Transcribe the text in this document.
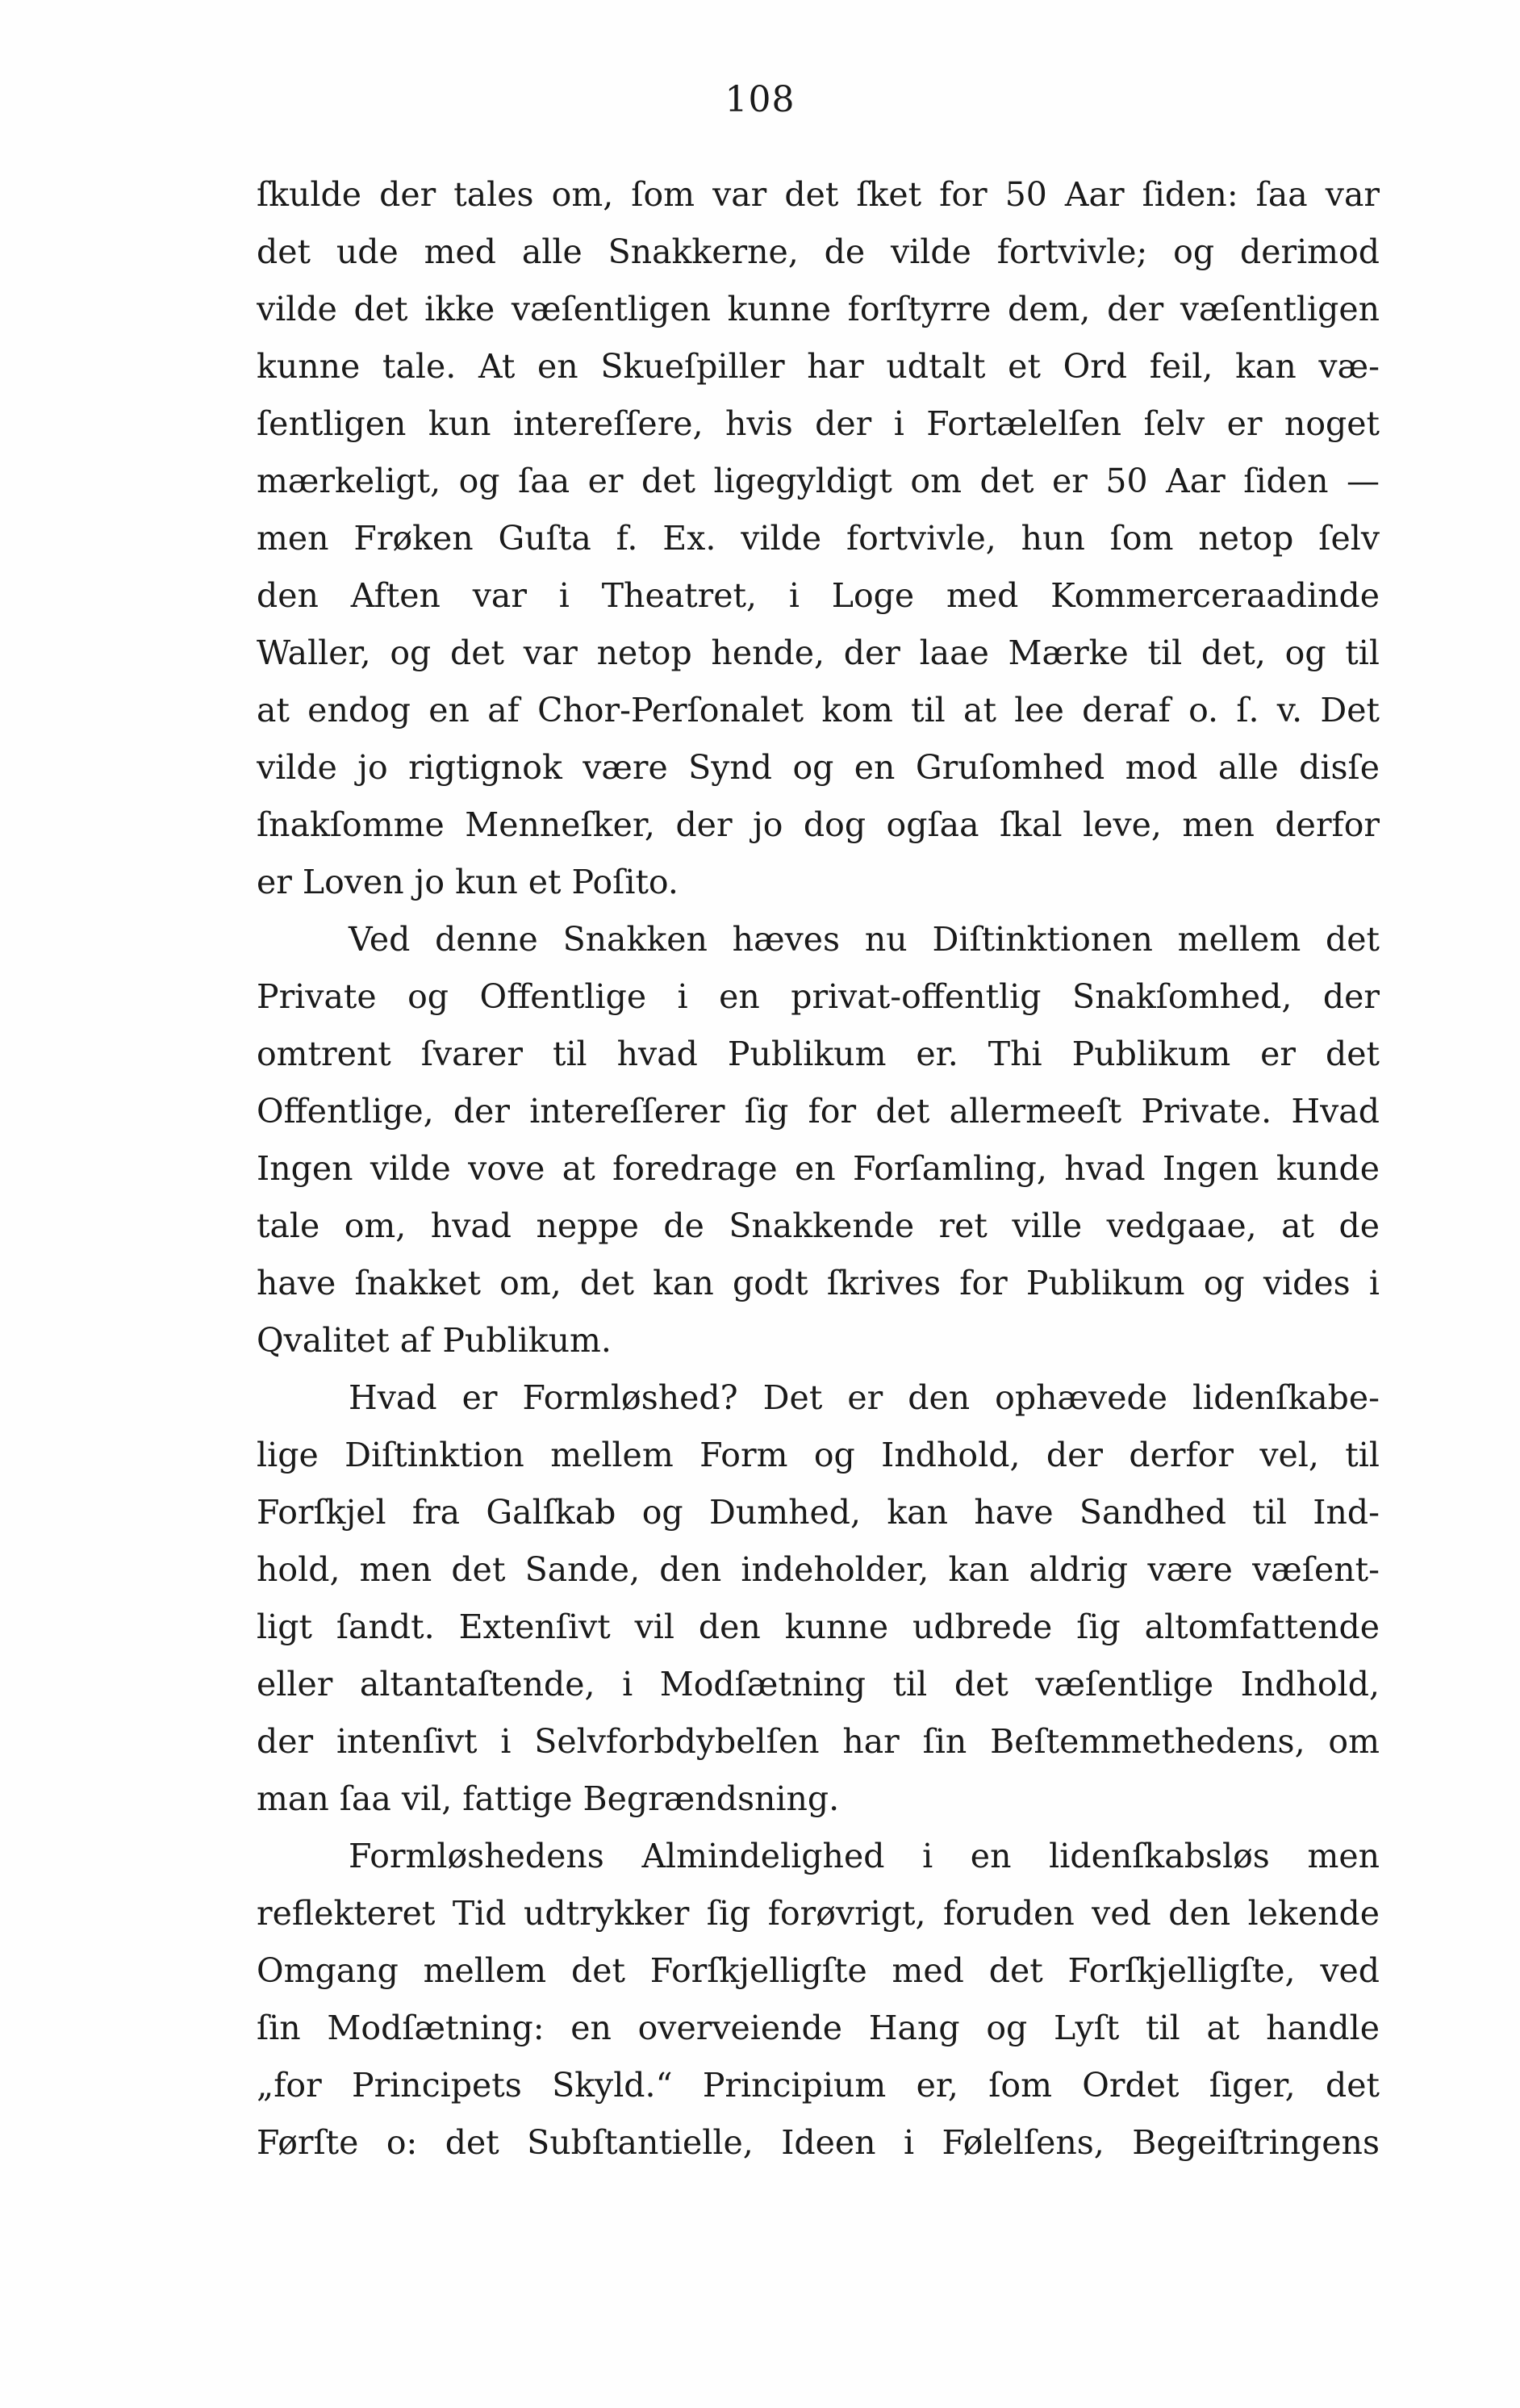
108
ſkulde der tales om, ſom var det ſket for 50 Aar ſiden: ſaa var
det ude med alle Snakkerne, de vilde fortvivle; og derimod
vilde det ikke væſentligen kunne forſtyrre dem, der væſentligen
kunne tale. At en Skueſpiller har udtalt et Ord feil, kan væ-
ſentligen kun intereſſere, hvis der i Fortælelſen ſelv er noget
mærkeligt, og ſaa er det ligegyldigt om det er 50 Aar ſiden —
men Frøken Guſta f. Ex. vilde fortvivle, hun ſom netop ſelv
den Aften var i Theatret, i Loge med Kommerceraadinde
Waller, og det var netop hende, der laae Mærke til det, og til
at endog en af Chor-Perſonalet kom til at lee deraf o. ſ. v. Det
vilde jo rigtignok være Synd og en Gruſomhed mod alle disſe
ſnakſomme Menneſker, der jo dog ogſaa ſkal leve, men derfor
er Loven jo kun et Poſito.
Ved denne Snakken hæves nu Diſtinktionen mellem det
Private og Offentlige i en privat-offentlig Snakſomhed, der
omtrent ſvarer til hvad Publikum er. Thi Publikum er det
Offentlige, der intereſſerer ſig for det allermeeſt Private. Hvad
Ingen vilde vove at foredrage en Forſamling, hvad Ingen kunde
tale om, hvad neppe de Snakkende ret ville vedgaae, at de
have ſnakket om, det kan godt ſkrives for Publikum og vides i
Qvalitet af Publikum.
Hvad er Formløshed? Det er den ophævede lidenſkabe-
lige Diſtinktion mellem Form og Indhold, der derfor vel, til
Forſkjel fra Galſkab og Dumhed, kan have Sandhed til Ind-
hold, men det Sande, den indeholder, kan aldrig være væſent-
ligt ſandt. Extenſivt vil den kunne udbrede ſig altomfattende
eller altantaſtende, i Modſætning til det væſentlige Indhold,
der intenſivt i Selvforbdybelſen har ſin Beſtemmethedens, om
man ſaa vil, fattige Begrændsning.
Formløshedens Almindelighed i en lidenſkabsløs men
reflekteret Tid udtrykker ſig forøvrigt, foruden ved den lekende
Omgang mellem det Forſkjelligſte med det Forſkjelligſte, ved
ſin Modſætning: en overveiende Hang og Lyſt til at handle
„for Principets Skyld.“ Principium er, ſom Ordet ſiger, det
Førſte o: det Subſtantielle, Ideen i Følelſens, Begeiſtringens
